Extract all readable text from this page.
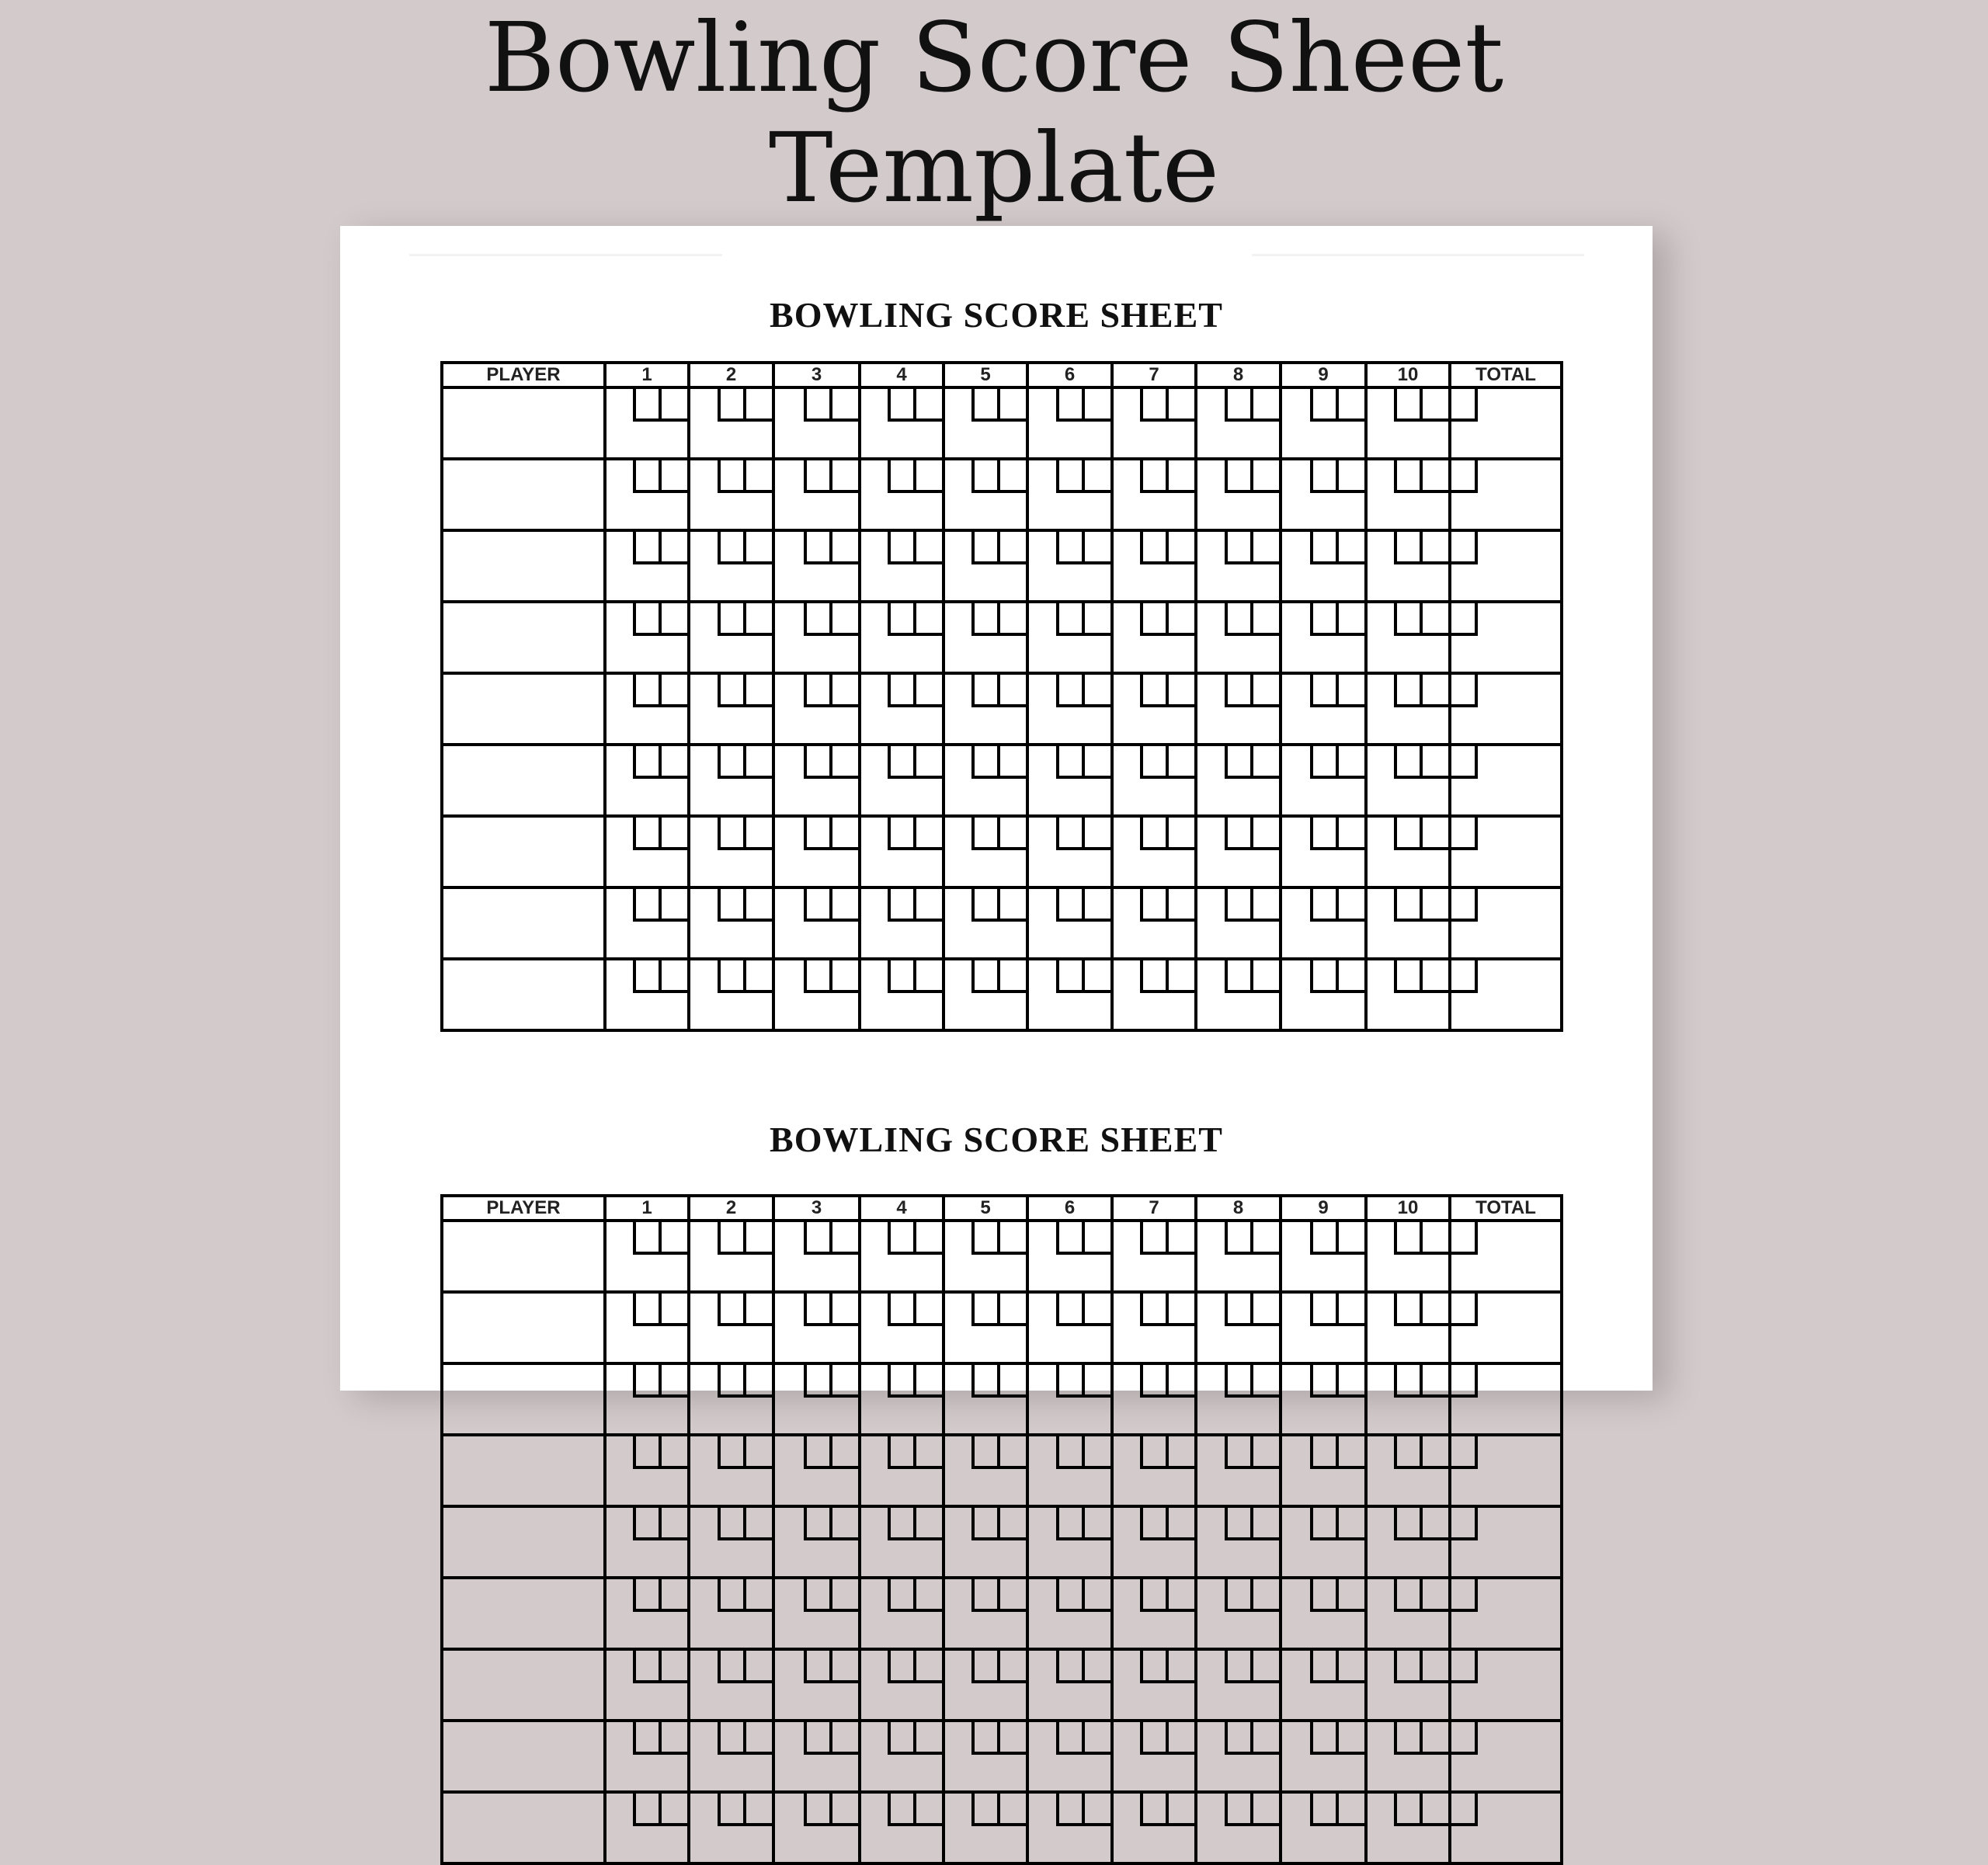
Bowling Score Sheet
Template
BOWLING SCORE SHEET
PLAYER	1	2	3	4	5	6	7	8	9	10	TOTAL

BOWLING SCORE SHEET
PLAYER	1	2	3	4	5	6	7	8	9	10	TOTAL
